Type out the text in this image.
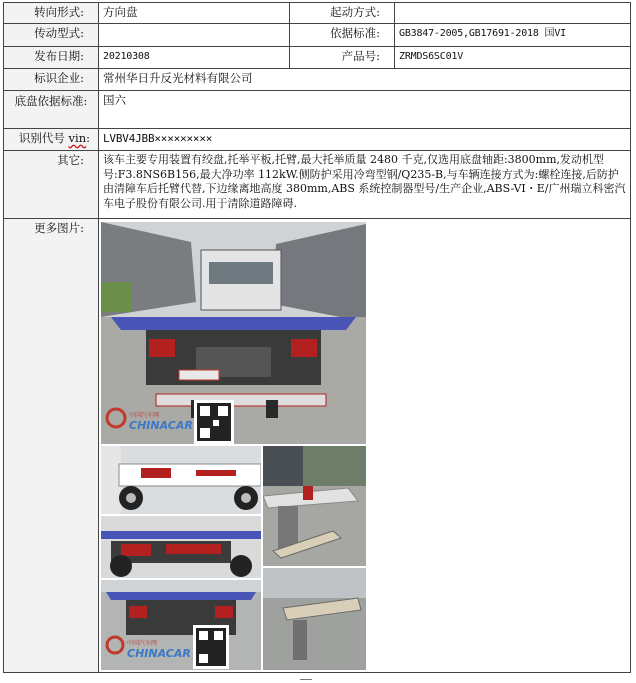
转向形式:	方向盘	起动方式:	
传动型式:		依据标准:	GB3847-2005,GB17691-2018 国VI
发布日期:	20210308	产品号:	ZRMDS6SC01V
标识企业:	常州华日升反光材料有限公司		
底盘依据标准:	国六		
识别代号 vin:	LVBV4JBB×××××××××		
其它:	该车主要专用装置有绞盘,托举平板,托臂,最大托举质量 2480 千克,仅选用底盘轴距:3800mm,发动机型号:F3.8NS6B156,最大净功率 112kW.侧防护采用冷弯型钢/Q235-B,与车辆连接方式为:螺栓连接,后防护由清障车后托臂代替,下边缘离地高度 380mm,ABS 系统控制器型号/生产企业,ABS-VI・E/广州瑞立科密汽车电子股份有限公司.用于清除道路障碍.		
更多图片:	中国汽车网
CHINACAR
中国汽车网
CHINACAR		
